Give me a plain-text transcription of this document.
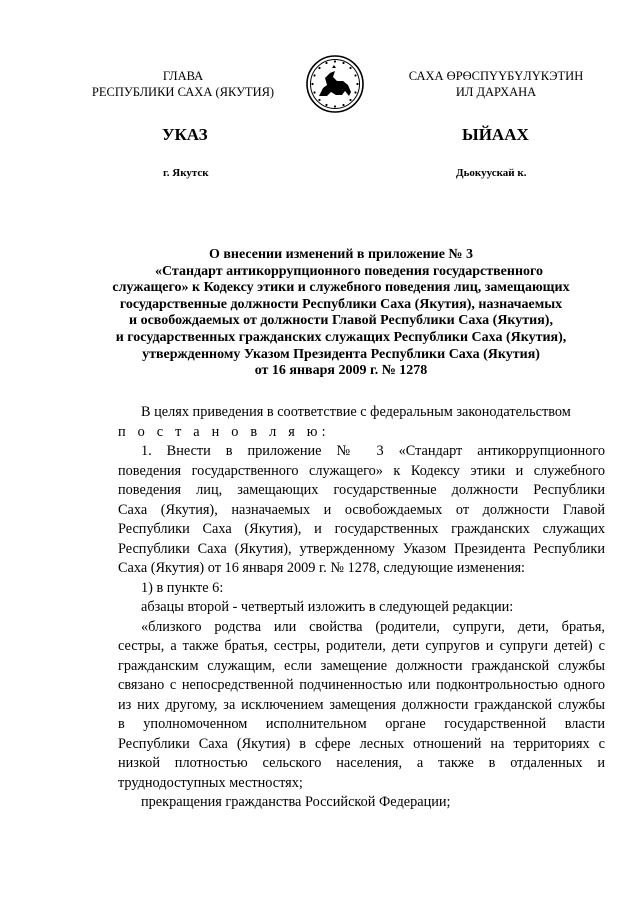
ГЛАВА
РЕСПУБЛИКИ САХА (ЯКУТИЯ)
САХА ӨРӨСПҮҮБҮЛҮКЭТИН
ИЛ ДАРХАНА
УКАЗ	ЫЙААХ
г. Якутск	Дьокуускай к.
О внесении изменений в приложение № 3
«Стандарт антикоррупционного поведения государственного
служащего» к Кодексу этики и служебного поведения лиц, замещающих
государственные должности Республики Саха (Якутия), назначаемых
и освобождаемых от должности Главой Республики Саха (Якутия),
и государственных гражданских служащих Республики Саха (Якутия),
утвержденному Указом Президента Республики Саха (Якутия)
от 16 января 2009 г. № 1278
В целях приведения в соответствие с федеральным законодательством
п о с т а н о в л я ю:
1. Внести в приложение № 3 «Стандарт антикоррупционного
поведения государственного служащего» к Кодексу этики и служебного
поведения лиц, замещающих государственные должности Республики
Саха (Якутия), назначаемых и освобождаемых от должности Главой
Республики Саха (Якутия), и государственных гражданских служащих
Республики Саха (Якутия), утвержденному Указом Президента Республики
Саха (Якутия) от 16 января 2009 г. № 1278, следующие изменения:
1) в пункте 6:
абзацы второй - четвертый изложить в следующей редакции:
«близкого родства или свойства (родители, супруги, дети, братья,
сестры, а также братья, сестры, родители, дети супругов и супруги детей) с
гражданским служащим, если замещение должности гражданской службы
связано с непосредственной подчиненностью или подконтрольностью одного
из них другому, за исключением замещения должности гражданской службы
в уполномоченном исполнительном органе государственной власти
Республики Саха (Якутия) в сфере лесных отношений на территориях с
низкой плотностью сельского населения, а также в отдаленных и
труднодоступных местностях;
прекращения гражданства Российской Федерации;
